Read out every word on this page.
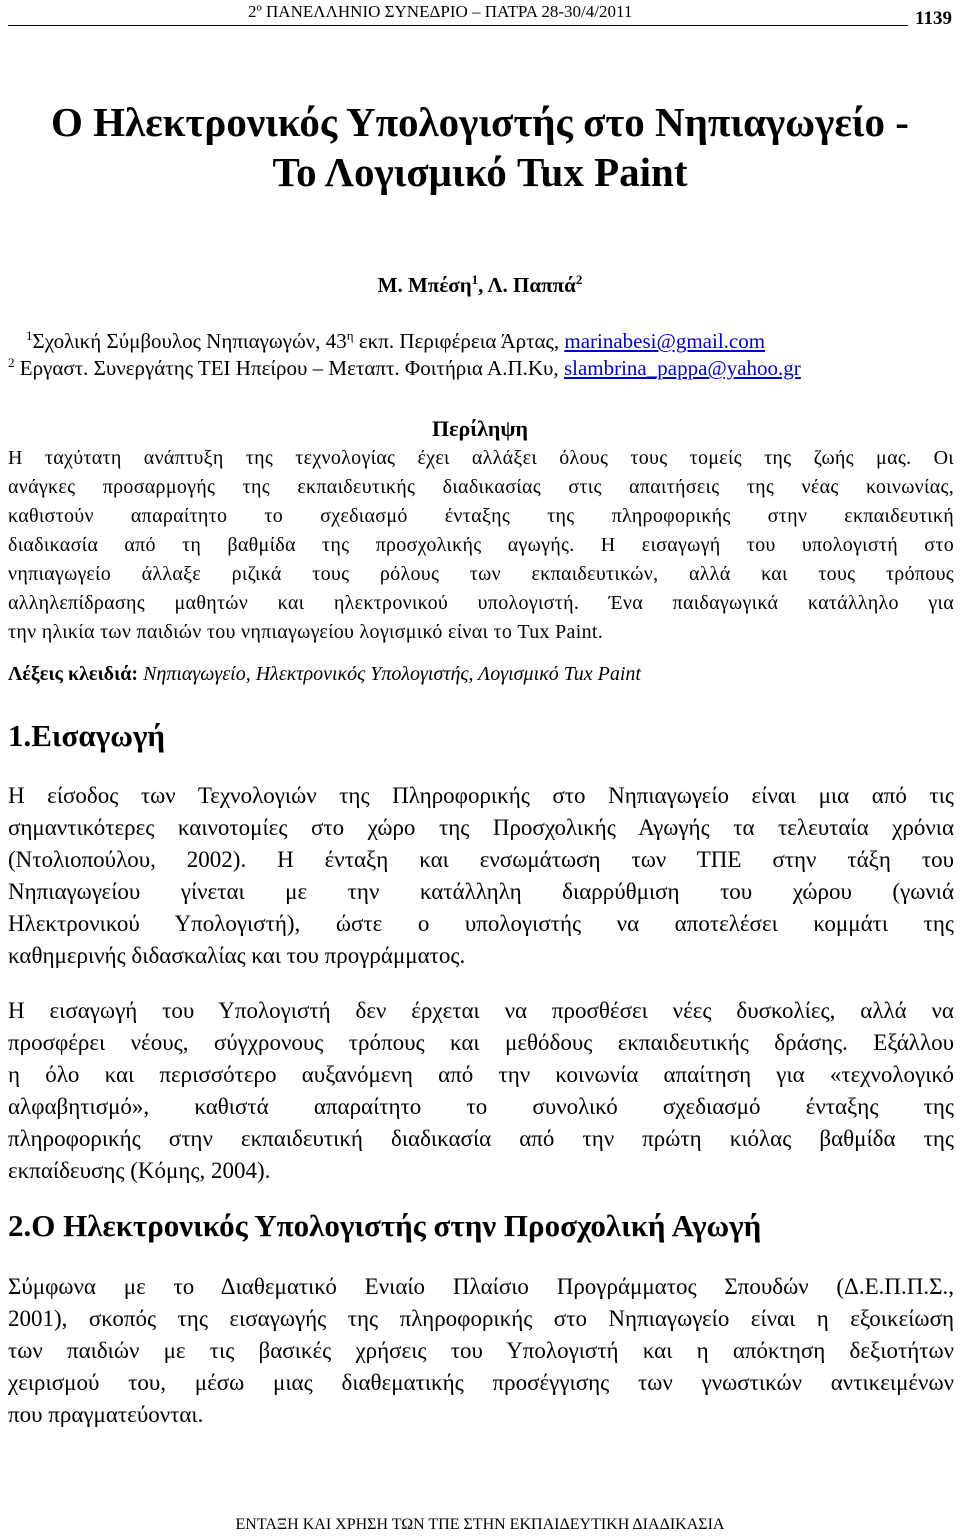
2º ΠΑΝΕΛΛΗΝΙΟ ΣΥΝΕΔΡΙΟ – ΠΑΤΡΑ 28-30/4/2011	1139
Ο Ηλεκτρονικός Υπολογιστής στο Νηπιαγωγείο -
Το Λογισμικό Tux Paint
Μ. Μπέση$^1$, Λ. Παππά$^2$
$^1$Σχολική Σύμβουλος Νηπιαγωγών, $43^\eta$ εκπ. Περιφέρεια Άρτας, marinabesi@gmail.com
$^2$ Εργαστ. Συνεργάτης ΤΕΙ Ηπείρου – Μεταπτ. Φοιτήρια Α.Π.Κυ, slambrina_pappa@yahoo.gr
Περίληψη
Η ταχύτατη ανάπτυξη της τεχνολογίας έχει αλλάξει όλους τους τομείς της ζωής μας. Οι
ανάγκες προσαρμογής της εκπαιδευτικής διαδικασίας στις απαιτήσεις της νέας κοινωνίας,
καθιστούν απαραίτητο το σχεδιασμό ένταξης της πληροφορικής στην εκπαιδευτική
διαδικασία από τη βαθμίδα της προσχολικής αγωγής. Η εισαγωγή του υπολογιστή στο
νηπιαγωγείο άλλαξε ριζικά τους ρόλους των εκπαιδευτικών, αλλά και τους τρόπους
αλληλεπίδρασης μαθητών και ηλεκτρονικού υπολογιστή. Ένα παιδαγωγικά κατάλληλο για
την ηλικία των παιδιών του νηπιαγωγείου λογισμικό είναι το Tux Paint.
Λέξεις κλειδιά: Νηπιαγωγείο, Ηλεκτρονικός Υπολογιστής, Λογισμικό Tux Paint
1.Εισαγωγή
Η είσοδος των Τεχνολογιών της Πληροφορικής στο Νηπιαγωγείο είναι μια από τις
σημαντικότερες καινοτομίες στο χώρο της Προσχολικής Αγωγής τα τελευταία χρόνια
(Ντολιοπούλου, 2002). Η ένταξη και ενσωμάτωση των ΤΠΕ στην τάξη του
Νηπιαγωγείου γίνεται με την κατάλληλη διαρρύθμιση του χώρου (γωνιά
Ηλεκτρονικού Υπολογιστή), ώστε ο υπολογιστής να αποτελέσει κομμάτι της
καθημερινής διδασκαλίας και του προγράμματος.
Η εισαγωγή του Υπολογιστή δεν έρχεται να προσθέσει νέες δυσκολίες, αλλά να
προσφέρει νέους, σύγχρονους τρόπους και μεθόδους εκπαιδευτικής δράσης. Εξάλλου
η όλο και περισσότερο αυξανόμενη από την κοινωνία απαίτηση για «τεχνολογικό
αλφαβητισμό», καθιστά απαραίτητο το συνολικό σχεδιασμό ένταξης της
πληροφορικής στην εκπαιδευτική διαδικασία από την πρώτη κιόλας βαθμίδα της
εκπαίδευσης (Κόμης, 2004).
2.Ο Ηλεκτρονικός Υπολογιστής στην Προσχολική Αγωγή
Σύμφωνα με το Διαθεματικό Ενιαίο Πλαίσιο Προγράμματος Σπουδών (Δ.Ε.Π.Π.Σ.,
2001), σκοπός της εισαγωγής της πληροφορικής στο Νηπιαγωγείο είναι η εξοικείωση
των παιδιών με τις βασικές χρήσεις του Υπολογιστή και η απόκτηση δεξιοτήτων
χειρισμού του, μέσω μιας διαθεματικής προσέγγισης των γνωστικών αντικειμένων
που πραγματεύονται.
ΕΝΤΑΞΗ ΚΑΙ ΧΡΗΣΗ ΤΩΝ ΤΠΕ ΣΤΗΝ ΕΚΠΑΙΔΕΥΤΙΚΗ ΔΙΑΔΙΚΑΣΙΑ
